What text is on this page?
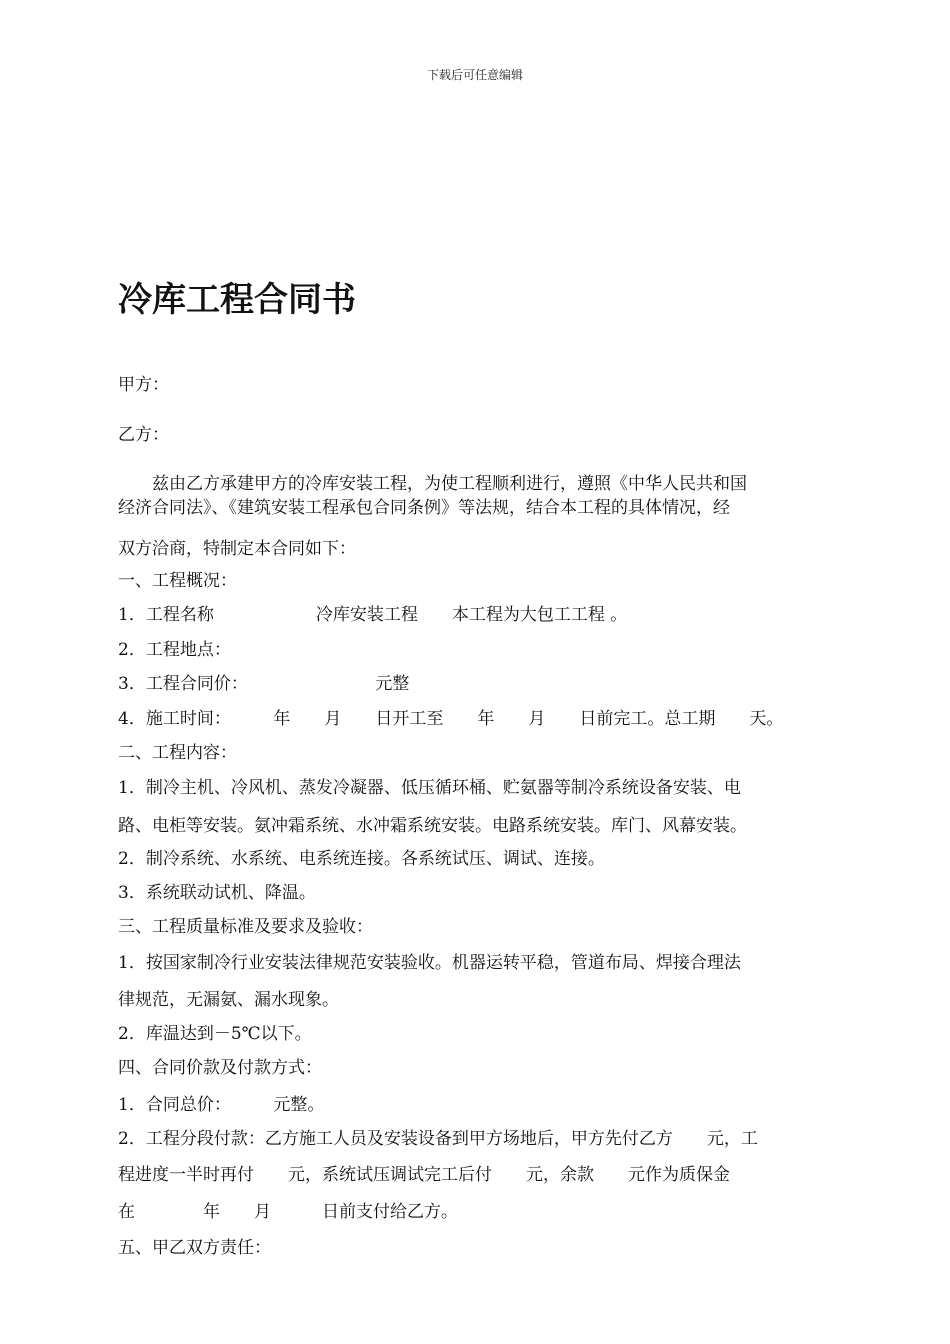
下载后可任意编辑
冷库工程合同书
甲方：
乙方：
　　兹由乙方承建甲方的冷库安装工程，为使工程顺利进行，遵照《中华人民共和国
经济合同法》、《建筑安装工程承包合同条例》等法规，结合本工程的具体情况，经
双方洽商，特制定本合同如下：
一、工程概况：
1．工程名称　　　　　　冷库安装工程　　本工程为大包工工程 。
2．工程地点：
3．工程合同价：　　　　　　　　元整
4．施工时间：　　　年　　月　　日开工至　　年　　月　　日前完工。总工期　　天。
二、工程内容：
1．制冷主机、冷风机、蒸发冷凝器、低压循环桶、贮氨器等制冷系统设备安装、电
路、电柜等安装。氨冲霜系统、水冲霜系统安装。电路系统安装。库门、风幕安装。
2．制冷系统、水系统、电系统连接。各系统试压、调试、连接。
3．系统联动试机、降温。
三、工程质量标准及要求及验收：
1．按国家制冷行业安装法律规范安装验收。机器运转平稳，管道布局、焊接合理法
律规范，无漏氨、漏水现象。
2．库温达到－5℃以下。
四、合同价款及付款方式：
1．合同总价：　　　元整。
2．工程分段付款：乙方施工人员及安装设备到甲方场地后，甲方先付乙方　　元，工
程进度一半时再付　　元，系统试压调试完工后付　　元，余款　　元作为质保金
在　　　　年　　月　　　日前支付给乙方。
五、甲乙双方责任：
